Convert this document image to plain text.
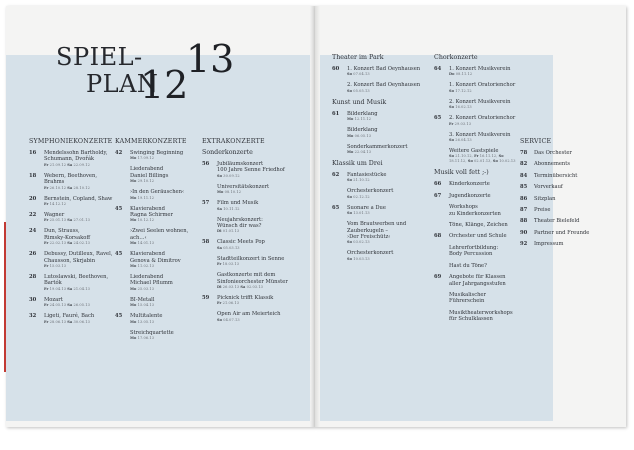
SPIEL-
PLAN
12
13
SYMPHONIEKONZERTE
16	Mendelssohn Bartholdy,
Schumann, Dvořák
Fr 21.09.12 Sa 22.09.12
18	Webern, Beethoven,
Brahms
Fr 26.10.12 Sa 28.10.12
20	Bernstein, Copland, Shaw
Fr 14.12.12
22	Wagner
Fr 25.01.13 Sa 27.01.13
24	Dun, Strauss,
Rimsky-Korsakoff
Fr 22.02.13 Sa 24.02.13
26	Debussy, Dutilleux, Ravel,
Chausson, Skrjabin
Fr 15.03.13
28	Lutoslawski, Beethoven,
Bartók
Fr 19.04.13 Sa 21.04.13
30	Mozart
Fr 24.05.13 Sa 26.05.13
32	Ligeti, Fauré, Bach
Fr 28.06.13 Sa 30.06.13
KAMMERKONZERTE
42	Swinging Beginning
Mo 17.09.12
Liederabend
Daniel Billings
Mo 29.10.12
›In den Geräuschen‹
Mo 19.11.12
45	Klavierabend
Ragna Schirmer
Mo 10.12.12
›Zwei Seelen wohnen, ach…‹
Mo 14.01.13
45	Klavierabend
Genova & Dimitrov
Mo 11.02.13
Liederabend
Michael Pflumm
Mo 25.03.13
BI-Metall
Mo 15.04.13
45	Multitalente
Mo 13.05.13
Streichquartette
Mo 17.06.13
EXTRAKONZERTE
Sonderkonzerte
56	Jubiläumskonzert
100 Jahre Senne Friedhof
So 30.09.12
Universitätskonzert
Mo 08.10.12
57	Film und Musik
Sa 10.11.12
Neujahrskonzert:
Wünsch dir was?
Di 01.01.13
58	Classic Meets Pop
Sa 05.03.13
Stadtteilkonzert in Senne
Fr 18.03.13
Gastkonzerte mit dem
Sinfonieorchester Münster
Di 26.03.13 Sa 02.03.13
59	Picknick trifft Klassik
Fr 21.06.13
Open Air am Meierteich
So 04.07.13
Theater im Park
60	1. Konzert Bad Oeynhausen
So 07.04.13
2. Konzert Bad Oeynhausen
So 05.05.13
Kunst und Musik
61	Bilderklang
Mo 12.11.12
Bilderklang
Mo 06.05.13
Sonderkammerkonzert
Mo 22.04.13
Klassik um Drei
62	Fantasiestücke
So 21.10.12
Orchesterkonzert
So 02.12.12
65	Suonare a Due
So 13.01.13
Vom Brautwerben und
Zauberkugeln –
›Der Freischütz‹
So 03.02.13
Orchesterkonzert
So 10.03.13
Chorkonzerte
64	1. Konzert Musikverein
Do 08.11.12
1. Konzert Oratorienchor
So 17.12.12
2. Konzert Musikverein
So 16.02.13
65	2. Konzert Oratorienchor
Fr 29.03.13
3. Konzert Musikverein
So 26.04.13
Weitere Gastspiele
So 21.10.12, Fr 16.11.12, So 18.11.12, So 02.01.13, So 10.02.13
Musik voll fett ;-)
66	Kinderkonzerte
67	Jugendkonzerte
Workshops
zu Kinderkonzerten
Töne, Klänge, Zeichen
68	Orchester und Schule
Lehrerfortbildung:
Body Percussion
Hast du Töne?
69	Angebote für Klassen
aller Jahrgangsstufen
Musikalischer Führerschein
Musiktheaterworkshops
für Schulklassen
SERVICE
78	Das Orchester
82	Abonnements
84	Terminübersicht
85	Vorverkauf
86	Sitzplan
87	Preise
88	Theater Bielefeld
90	Partner und Freunde
92	Impressum
